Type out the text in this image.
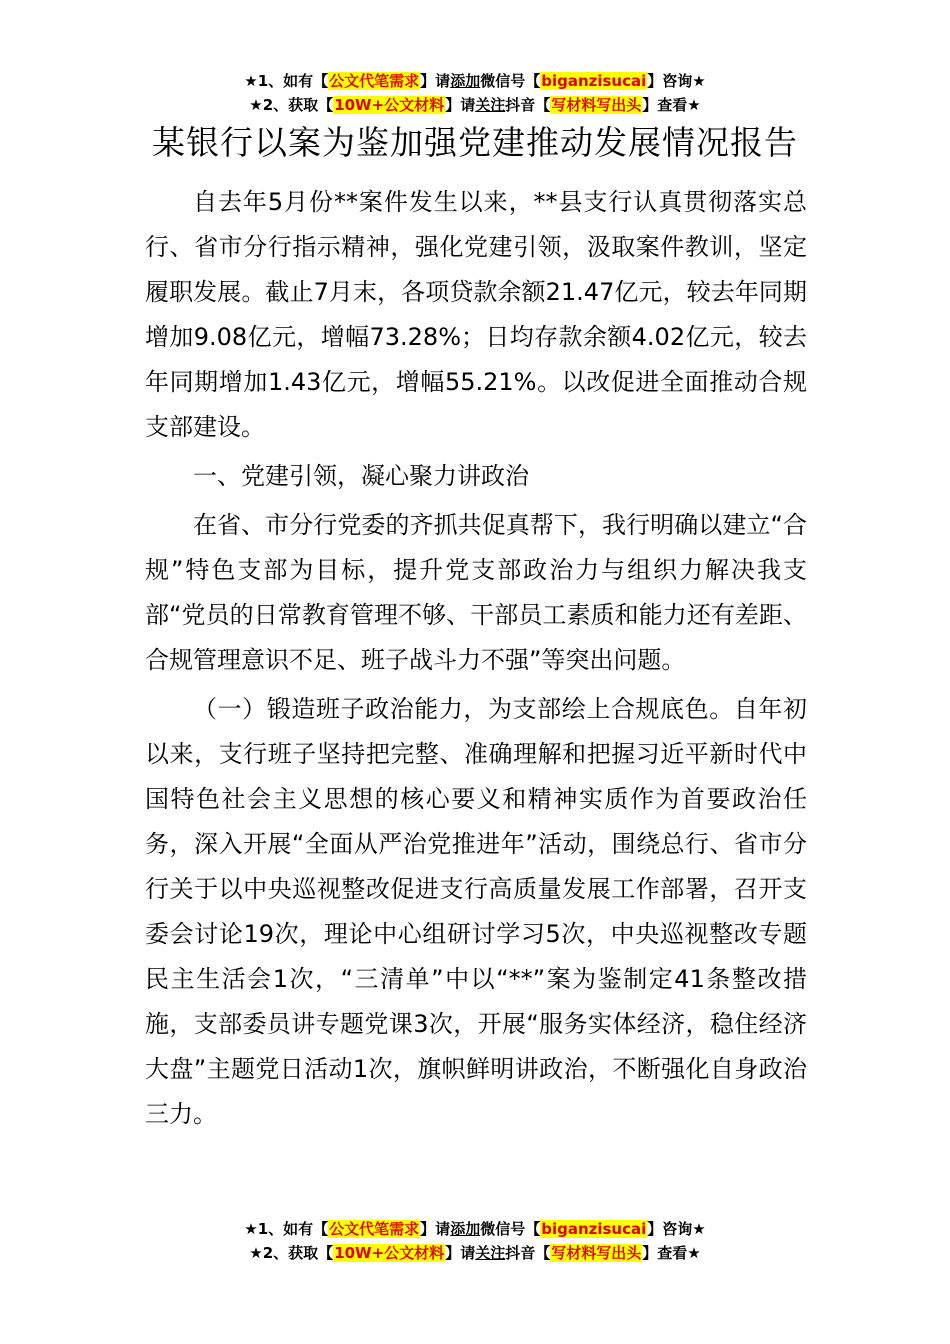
★1、如有【公文代笔需求】请添加微信号【biganzisucai】咨询★
★2、获取【10W+公文材料】请关注抖音【写材料写出头】查看★
某银行以案为鉴加强党建推动发展情况报告

自去年5月份**案件发生以来，**县支行认真贯彻落实总行、省市分行指示精神，强化党建引领，汲取案件教训，坚定履职发展。截止7月末，各项贷款余额21.47亿元，较去年同期增加9.08亿元，增幅73.28%；日均存款余额4.02亿元，较去年同期增加1.43亿元，增幅55.21%。以改促进全面推动合规支部建设。

一、党建引领，凝心聚力讲政治

在省、市分行党委的齐抓共促真帮下，我行明确以建立“合规”特色支部为目标，提升党支部政治力与组织力解决我支部“党员的日常教育管理不够、干部员工素质和能力还有差距、合规管理意识不足、班子战斗力不强”等突出问题。

（一）锻造班子政治能力，为支部绘上合规底色。自年初以来，支行班子坚持把完整、准确理解和把握习近平新时代中国特色社会主义思想的核心要义和精神实质作为首要政治任务，深入开展“全面从严治党推进年”活动，围绕总行、省市分行关于以中央巡视整改促进支行高质量发展工作部署，召开支委会讨论19次，理论中心组研讨学习5次，中央巡视整改专题民主生活会1次，“三清单”中以“**”案为鉴制定41条整改措施，支部委员讲专题党课3次，开展“服务实体经济，稳住经济大盘”主题党日活动1次，旗帜鲜明讲政治，不断强化自身政治三力。

★1、如有【公文代笔需求】请添加微信号【biganzisucai】咨询★
★2、获取【10W+公文材料】请关注抖音【写材料写出头】查看★
